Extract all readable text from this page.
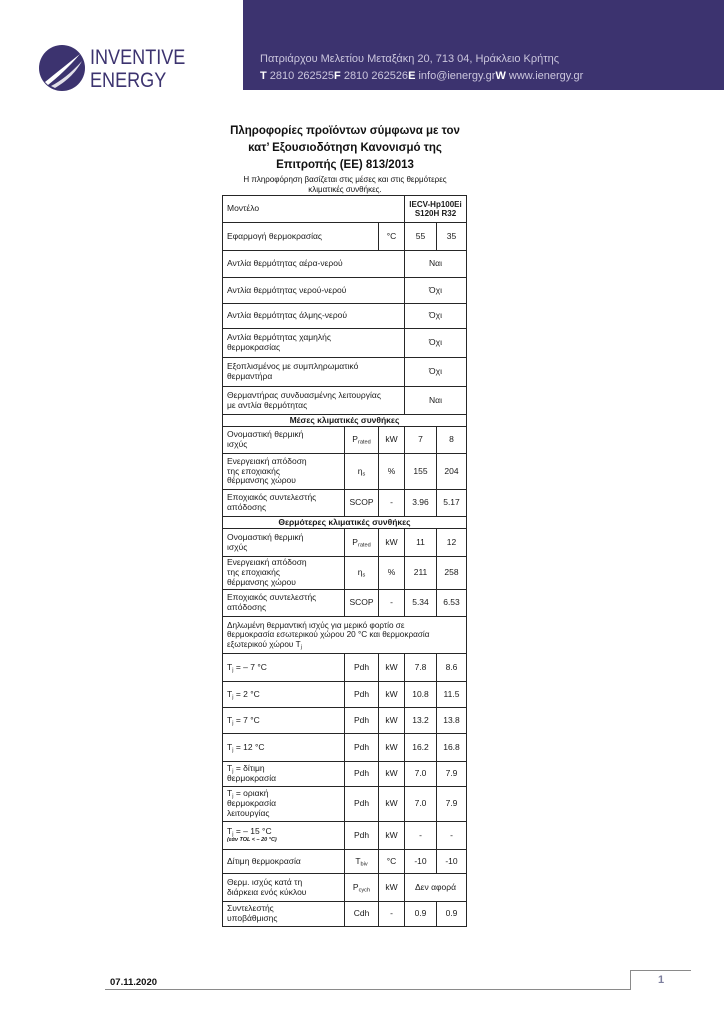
INVENTIVE
ENERGY
Πατριάρχου Μελετίου Μεταξάκη 20, 713 04, Ηράκλειο Κρήτης
T 2810 262525F 2810 262526E info@ienergy.grW www.ienergy.gr
Πληροφορίες προϊόντων σύμφωνα με τον
κατ’ Εξουσιοδότηση Κανονισμό της
Επιτροπής (ΕΕ) 813/2013
Η πληροφόρηση βασίζεται στις μέσες και στις θερμότερες
κλιματικές συνθήκες.
Μοντέλο			IECV-Hp100Ei
S120H R32	
Εφαρμογή θερμοκρασίας		°C	55	35
Αντλία θερμότητας αέρα-νερού			Ναι	
Αντλία θερμότητας νερού-νερού			Όχι	
Αντλία θερμότητας άλμης-νερού			Όχι	
Αντλία θερμότητας χαμηλής
θερμοκρασίας			Όχι	
Εξοπλισμένος με συμπληρωματικό
θερμαντήρα			Όχι	
Θερμαντήρας συνδυασμένης λειτουργίας
με αντλία θερμότητας			Ναι	
Μέσες κλιματικές συνθήκες				
Ονομαστική θερμική
ισχύς	$P_{rated}$	kW	7	8
Ενεργειακή απόδοση
της εποχιακής
θέρμανσης χώρου	$\eta_s$	%	155	204
Εποχιακός συντελεστής
απόδοσης	SCOP	-	3.96	5.17
Θερμότερες κλιματικές συνθήκες				
Ονομαστική θερμική
ισχύς	$P_{rated}$	kW	11	12
Ενεργειακή απόδοση
της εποχιακής
θέρμανσης χώρου	$\eta_s$	%	211	258
Εποχιακός συντελεστής
απόδοσης	SCOP	-	5.34	6.53
Δηλωμένη θερμαντική ισχύς για μερικό φορτίο σε
θερμοκρασία εσωτερικού χώρου 20 °C και θερμοκρασία
εξωτερικού χώρου $T_j$
$T_j$ = – 7 °C	Pdh	kW	7.8	8.6
$T_j = 2$ °C	Pdh	kW	10.8	11.5
$T_j = 7$ °C	Pdh	kW	13.2	13.8
$T_j = 12$ °C	Pdh	kW	16.2	16.8
$T_j = \delta ί\tau\iota\mu\eta$
θερμοκρασία	Pdh	kW	7.0	7.9
$T_j = o\rho\iota\alpha\kappa ή$
θερμοκρασία
λειτουργίας	Pdh	kW	7.0	7.9
$T_j$ = – 15 °C
(εάν TOL < – 20 °C)	Pdh	kW	-	-
Δίτιμη θερμοκρασία	$T_{biv}$	°C	-10	-10
Θερμ. ισχύς κατά τη
διάρκεια ενός κύκλου	$P_{cych}$	kW	Δεν αφορά	
Συντελεστής
υποβάθμισης	Cdh	-	0.9	0.9
07.11.2020	1
